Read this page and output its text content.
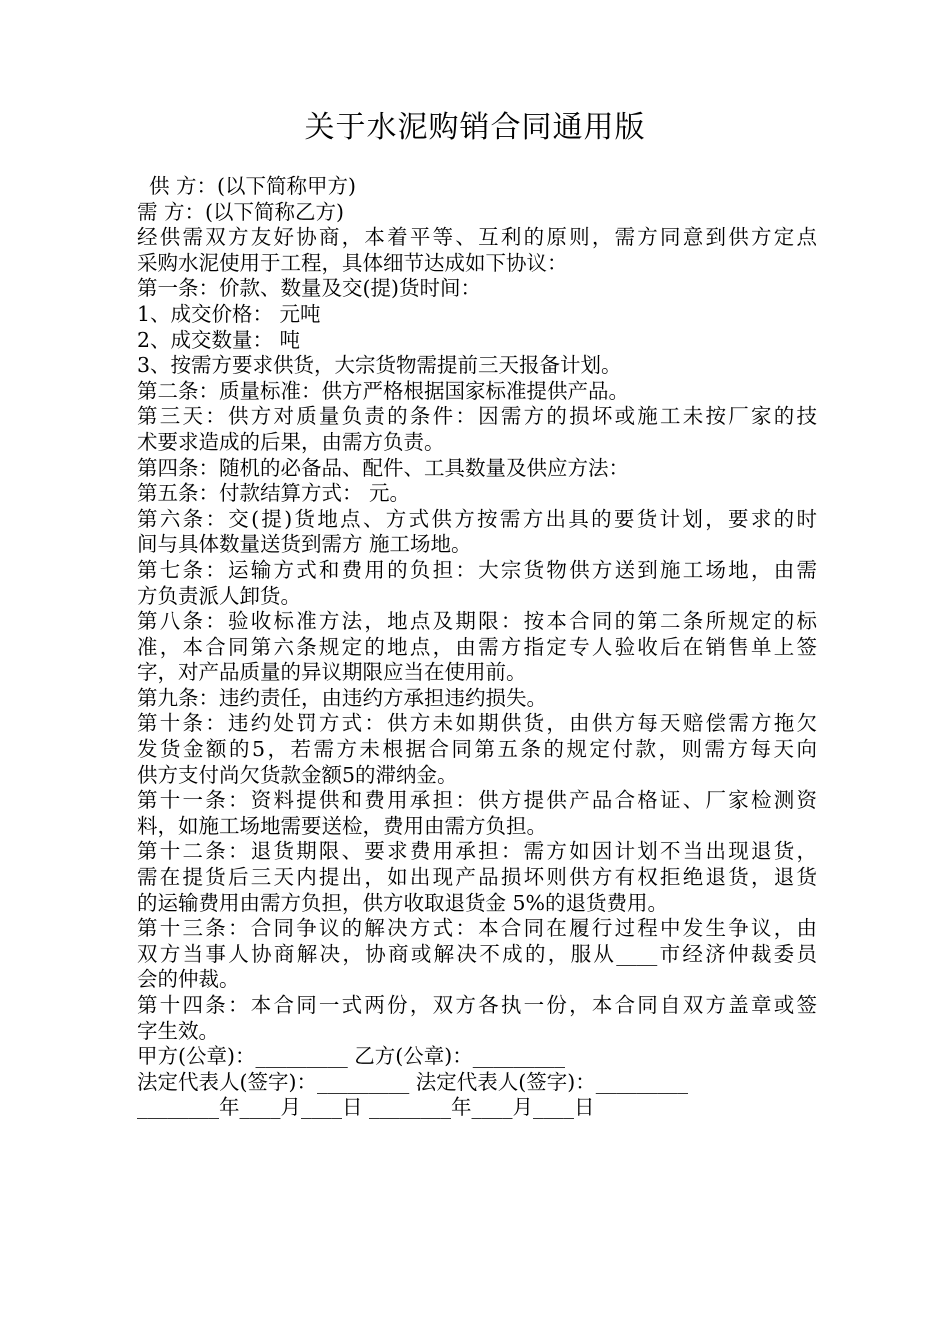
关于水泥购销合同通用版
供 方：(以下简称甲方)
需 方：(以下简称乙方)
经供需双方友好协商，本着平等、互利的原则，需方同意到供方定点
采购水泥使用于工程，具体细节达成如下协议：
第一条：价款、数量及交(提)货时间：
1、成交价格： 元吨
2、成交数量： 吨
3、按需方要求供货，大宗货物需提前三天报备计划。
第二条：质量标准：供方严格根据国家标准提供产品。
第三天：供方对质量负责的条件：因需方的损坏或施工未按厂家的技
术要求造成的后果，由需方负责。
第四条：随机的必备品、配件、工具数量及供应方法：
第五条：付款结算方式： 元。
第六条：交(提)货地点、方式供方按需方出具的要货计划，要求的时
间与具体数量送货到需方 施工场地。
第七条：运输方式和费用的负担：大宗货物供方送到施工场地，由需
方负责派人卸货。
第八条：验收标准方法，地点及期限：按本合同的第二条所规定的标
准，本合同第六条规定的地点，由需方指定专人验收后在销售单上签
字，对产品质量的异议期限应当在使用前。
第九条：违约责任，由违约方承担违约损失。
第十条：违约处罚方式：供方未如期供货，由供方每天赔偿需方拖欠
发货金额的5，若需方未根据合同第五条的规定付款，则需方每天向
供方支付尚欠货款金额5的滞纳金。
第十一条：资料提供和费用承担：供方提供产品合格证、厂家检测资
料，如施工场地需要送检，费用由需方负担。
第十二条：退货期限、要求费用承担：需方如因计划不当出现退货，
需在提货后三天内提出，如出现产品损坏则供方有权拒绝退货，退货
的运输费用由需方负担，供方收取退货金 5%的退货费用。
第十三条：合同争议的解决方式：本合同在履行过程中发生争议，由
双方当事人协商解决，协商或解决不成的，服从____市经济仲裁委员
会的仲裁。
第十四条：本合同一式两份，双方各执一份，本合同自双方盖章或签
字生效。
甲方(公章)：_________ 乙方(公章)：_________
法定代表人(签字)：_________ 法定代表人(签字)：_________
________年____月____日 ________年____月____日
